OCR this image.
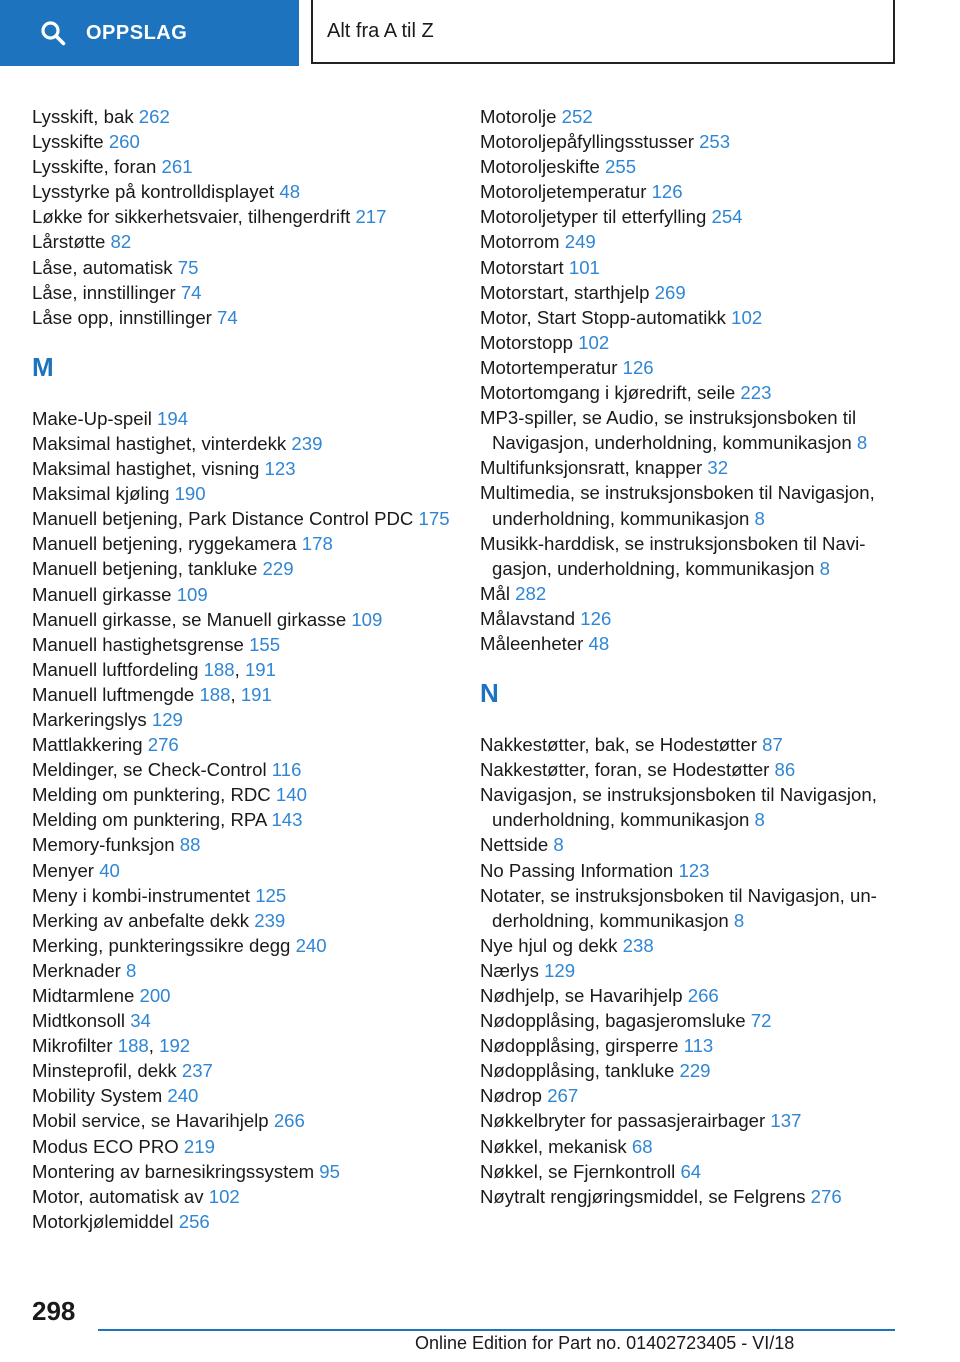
OPPSLAG	Alt fra A til Z
Lysskift, bak 262
Lysskifte 260
Lysskifte, foran 261
Lysstyrke på kontrolldisplayet 48
Løkke for sikkerhetsvaier, tilhengerdrift 217
Lårstøtte 82
Låse, automatisk 75
Låse, innstillinger 74
Låse opp, innstillinger 74
M
Make-Up-speil 194
Maksimal hastighet, vinterdekk 239
Maksimal hastighet, visning 123
Maksimal kjøling 190
Manuell betjening, Park Distance Control PDC 175
Manuell betjening, ryggekamera 178
Manuell betjening, tankluke 229
Manuell girkasse 109
Manuell girkasse, se Manuell girkasse 109
Manuell hastighetsgrense 155
Manuell luftfordeling 188, 191
Manuell luftmengde 188, 191
Markeringslys 129
Mattlakkering 276
Meldinger, se Check-Control 116
Melding om punktering, RDC 140
Melding om punktering, RPA 143
Memory-funksjon 88
Menyer 40
Meny i kombi-instrumentet 125
Merking av anbefalte dekk 239
Merking, punkteringssikre degg 240
Merknader 8
Midtarmlene 200
Midtkonsoll 34
Mikrofilter 188, 192
Minsteprofil, dekk 237
Mobility System 240
Mobil service, se Havarihjelp 266
Modus ECO PRO 219
Montering av barnesikringssystem 95
Motor, automatisk av 102
Motorkjølemiddel 256
Motorolje 252
Motoroljepåfyllingsstusser 253
Motoroljeskifte 255
Motoroljetemperatur 126
Motoroljetyper til etterfylling 254
Motorrom 249
Motorstart 101
Motorstart, starthjelp 269
Motor, Start Stopp-automatikk 102
Motorstopp 102
Motortemperatur 126
Motortomgang i kjøredrift, seile 223
MP3-spiller, se Audio, se instruksjonsboken til Navigasjon, underholdning, kommunikasjon 8
Multifunksjonsratt, knapper 32
Multimedia, se instruksjonsboken til Navigasjon, underholdning, kommunikasjon 8
Musikk-harddisk, se instruksjonsboken til Navi‐gasjon, underholdning, kommunikasjon 8
Mål 282
Målavstand 126
Måleenheter 48
N
Nakkestøtter, bak, se Hodestøtter 87
Nakkestøtter, foran, se Hodestøtter 86
Navigasjon, se instruksjonsboken til Navigasjon, underholdning, kommunikasjon 8
Nettside 8
No Passing Information 123
Notater, se instruksjonsboken til Navigasjon, un‐derholdning, kommunikasjon 8
Nye hjul og dekk 238
Nærlys 129
Nødhjelp, se Havarihjelp 266
Nødopplåsing, bagasjeromsluke 72
Nødopplåsing, girsperre 113
Nødopplåsing, tankluke 229
Nødrop 267
Nøkkelbryter for passasjerairbager 137
Nøkkel, mekanisk 68
Nøkkel, se Fjernkontroll 64
Nøytralt rengjøringsmiddel, se Felgrens 276
298
Online Edition for Part no. 01402723405 - VI/18
